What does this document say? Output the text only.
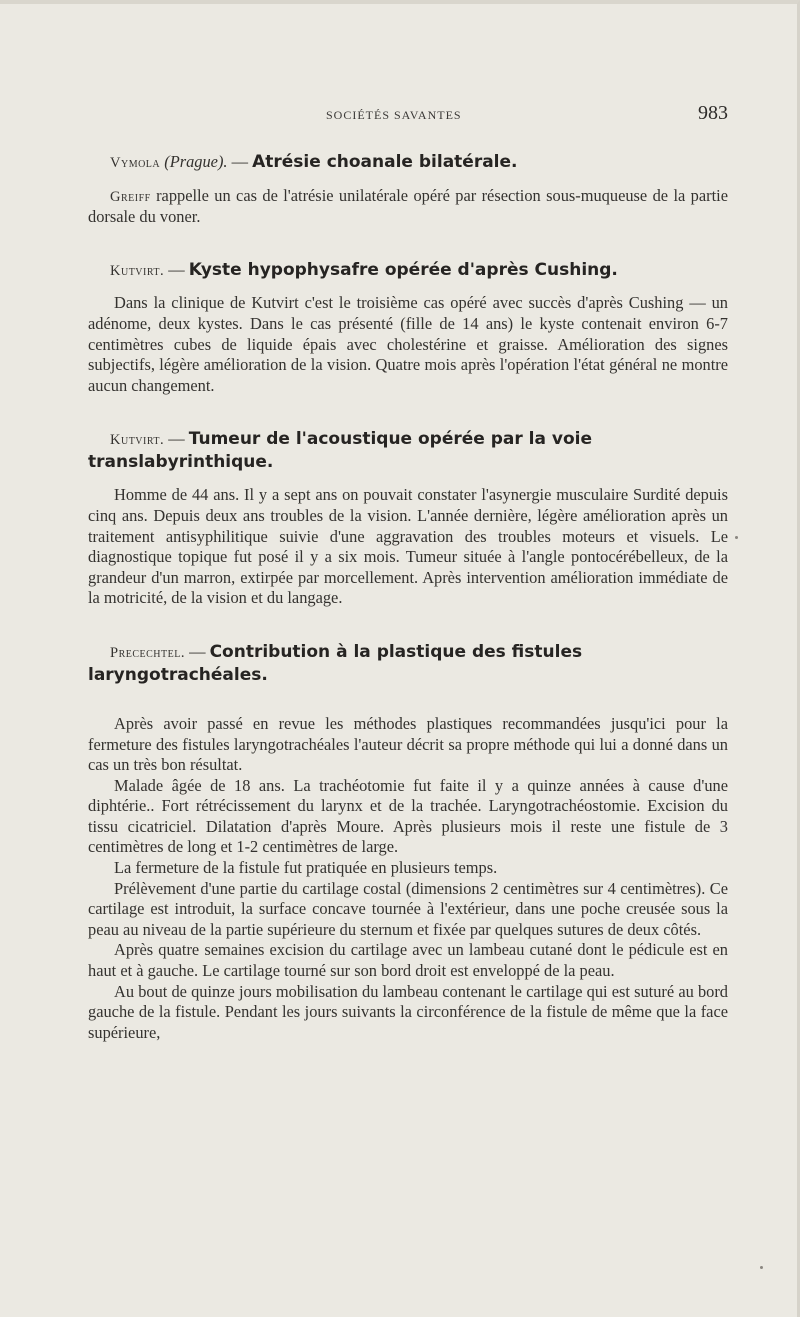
SOCIÉTÉS SAVANTES	983

Vymola (Prague). — Atrésie choanale bilatérale.

Greiff rappelle un cas de l'atrésie unilatérale opéré par résection sous-muqueuse de la partie dorsale du voner.

Kutvirt. — Kyste hypophysafre opérée d'après Cushing.

Dans la clinique de Kutvirt c'est le troisième cas opéré avec succès d'après Cushing — un adénome, deux kystes. Dans le cas présenté (fille de 14 ans) le kyste contenait environ 6-7 centimètres cubes de liquide épais avec cholestérine et graisse. Amélioration des signes subjectifs, légère amélioration de la vision. Quatre mois après l'opération l'état général ne montre aucun changement.

Kutvirt. — Tumeur de l'acoustique opérée par la voie translabyrinthique.

Homme de 44 ans. Il y a sept ans on pouvait constater l'asynergie musculaire Surdité depuis cinq ans. Depuis deux ans troubles de la vision. L'année dernière, légère amélioration après un traitement antisyphilitique suivie d'une aggravation des troubles moteurs et visuels. Le diagnostique topique fut posé il y a six mois. Tumeur située à l'angle pontocérébelleux, de la grandeur d'un marron, extirpée par morcellement. Après intervention amélioration immédiate de la motricité, de la vision et du langage.

Precechtel. — Contribution à la plastique des fistules laryngotrachéales.

Après avoir passé en revue les méthodes plastiques recommandées jusqu'ici pour la fermeture des fistules laryngotrachéales l'auteur décrit sa propre méthode qui lui a donné dans un cas un très bon résultat.

Malade âgée de 18 ans. La trachéotomie fut faite il y a quinze années à cause d'une diphtérie.. Fort rétrécissement du larynx et de la trachée. Laryngotrachéostomie. Excision du tissu cicatriciel. Dilatation d'après Moure. Après plusieurs mois il reste une fistule de 3 centimètres de long et 1-2 centimètres de large.

La fermeture de la fistule fut pratiquée en plusieurs temps.

Prélèvement d'une partie du cartilage costal (dimensions 2 centimètres sur 4 centimètres). Ce cartilage est introduit, la surface concave tournée à l'extérieur, dans une poche creusée sous la peau au niveau de la partie supérieure du sternum et fixée par quelques sutures de deux côtés.

Après quatre semaines excision du cartilage avec un lambeau cutané dont le pédicule est en haut et à gauche. Le cartilage tourné sur son bord droit est enveloppé de la peau.

Au bout de quinze jours mobilisation du lambeau contenant le cartilage qui est suturé au bord gauche de la fistule. Pendant les jours suivants la circonférence de la fistule de même que la face supérieure,
